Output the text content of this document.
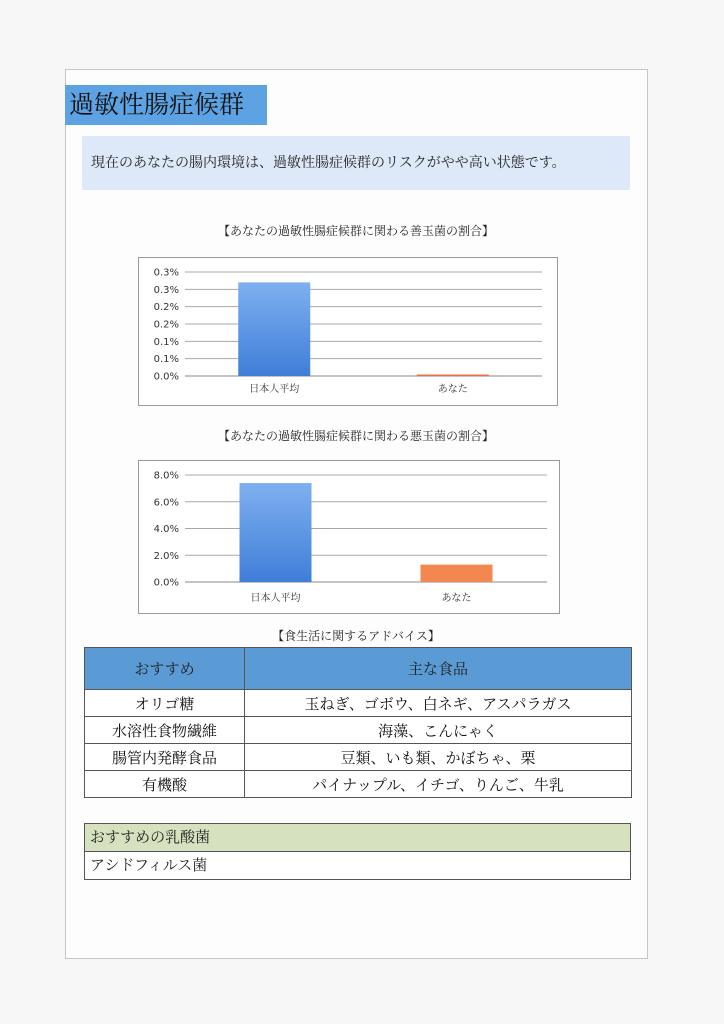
過敏性腸症候群
現在のあなたの腸内環境は、過敏性腸症候群のリスクがやや高い状態です。
【あなたの過敏性腸症候群に関わる善玉菌の割合】
0.0%
0.1%
0.1%
0.2%
0.2%
0.3%
0.3%
日本人平均	あなた
【あなたの過敏性腸症候群に関わる悪玉菌の割合】
0.0%
2.0%
4.0%
6.0%
8.0%
日本人平均	あなた
【食生活に関するアドバイス】
おすすめ	主な食品
オリゴ糖	玉ねぎ、ゴボウ、白ネギ、アスパラガス
水溶性食物繊維	海藻、こんにゃく
腸管内発酵食品	豆類、いも類、かぼちゃ、栗
有機酸	パイナップル、イチゴ、りんご、牛乳
おすすめの乳酸菌
アシドフィルス菌
